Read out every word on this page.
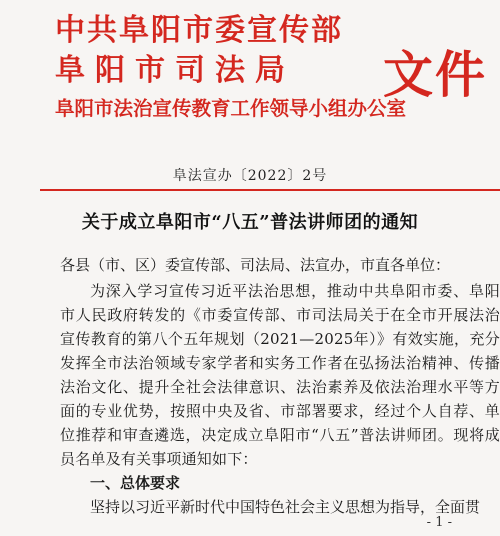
中共阜阳市委宣传部
阜阳市司法局
阜阳市法治宣传教育工作领导小组办公室
文件
阜法宣办〔2022〕2号
关于成立阜阳市“八五”普法讲师团的通知

各县（市、区）委宣传部、司法局、法宣办，市直各单位：

为深入学习宣传习近平法治思想，推动中共阜阳市委、阜阳市人民政府转发的《市委宣传部、市司法局关于在全市开展法治宣传教育的第八个五年规划（2021—2025年）》有效实施，充分发挥全市法治领域专家学者和实务工作者在弘扬法治精神、传播法治文化、提升全社会法律意识、法治素养及依法治理水平等方面的专业优势，按照中央及省、市部署要求，经过个人自荐、单位推荐和审查遴选，决定成立阜阳市“八五”普法讲师团。现将成员名单及有关事项通知如下：

一、总体要求

坚持以习近平新时代中国特色社会主义思想为指导，全面贯

- 1 -
